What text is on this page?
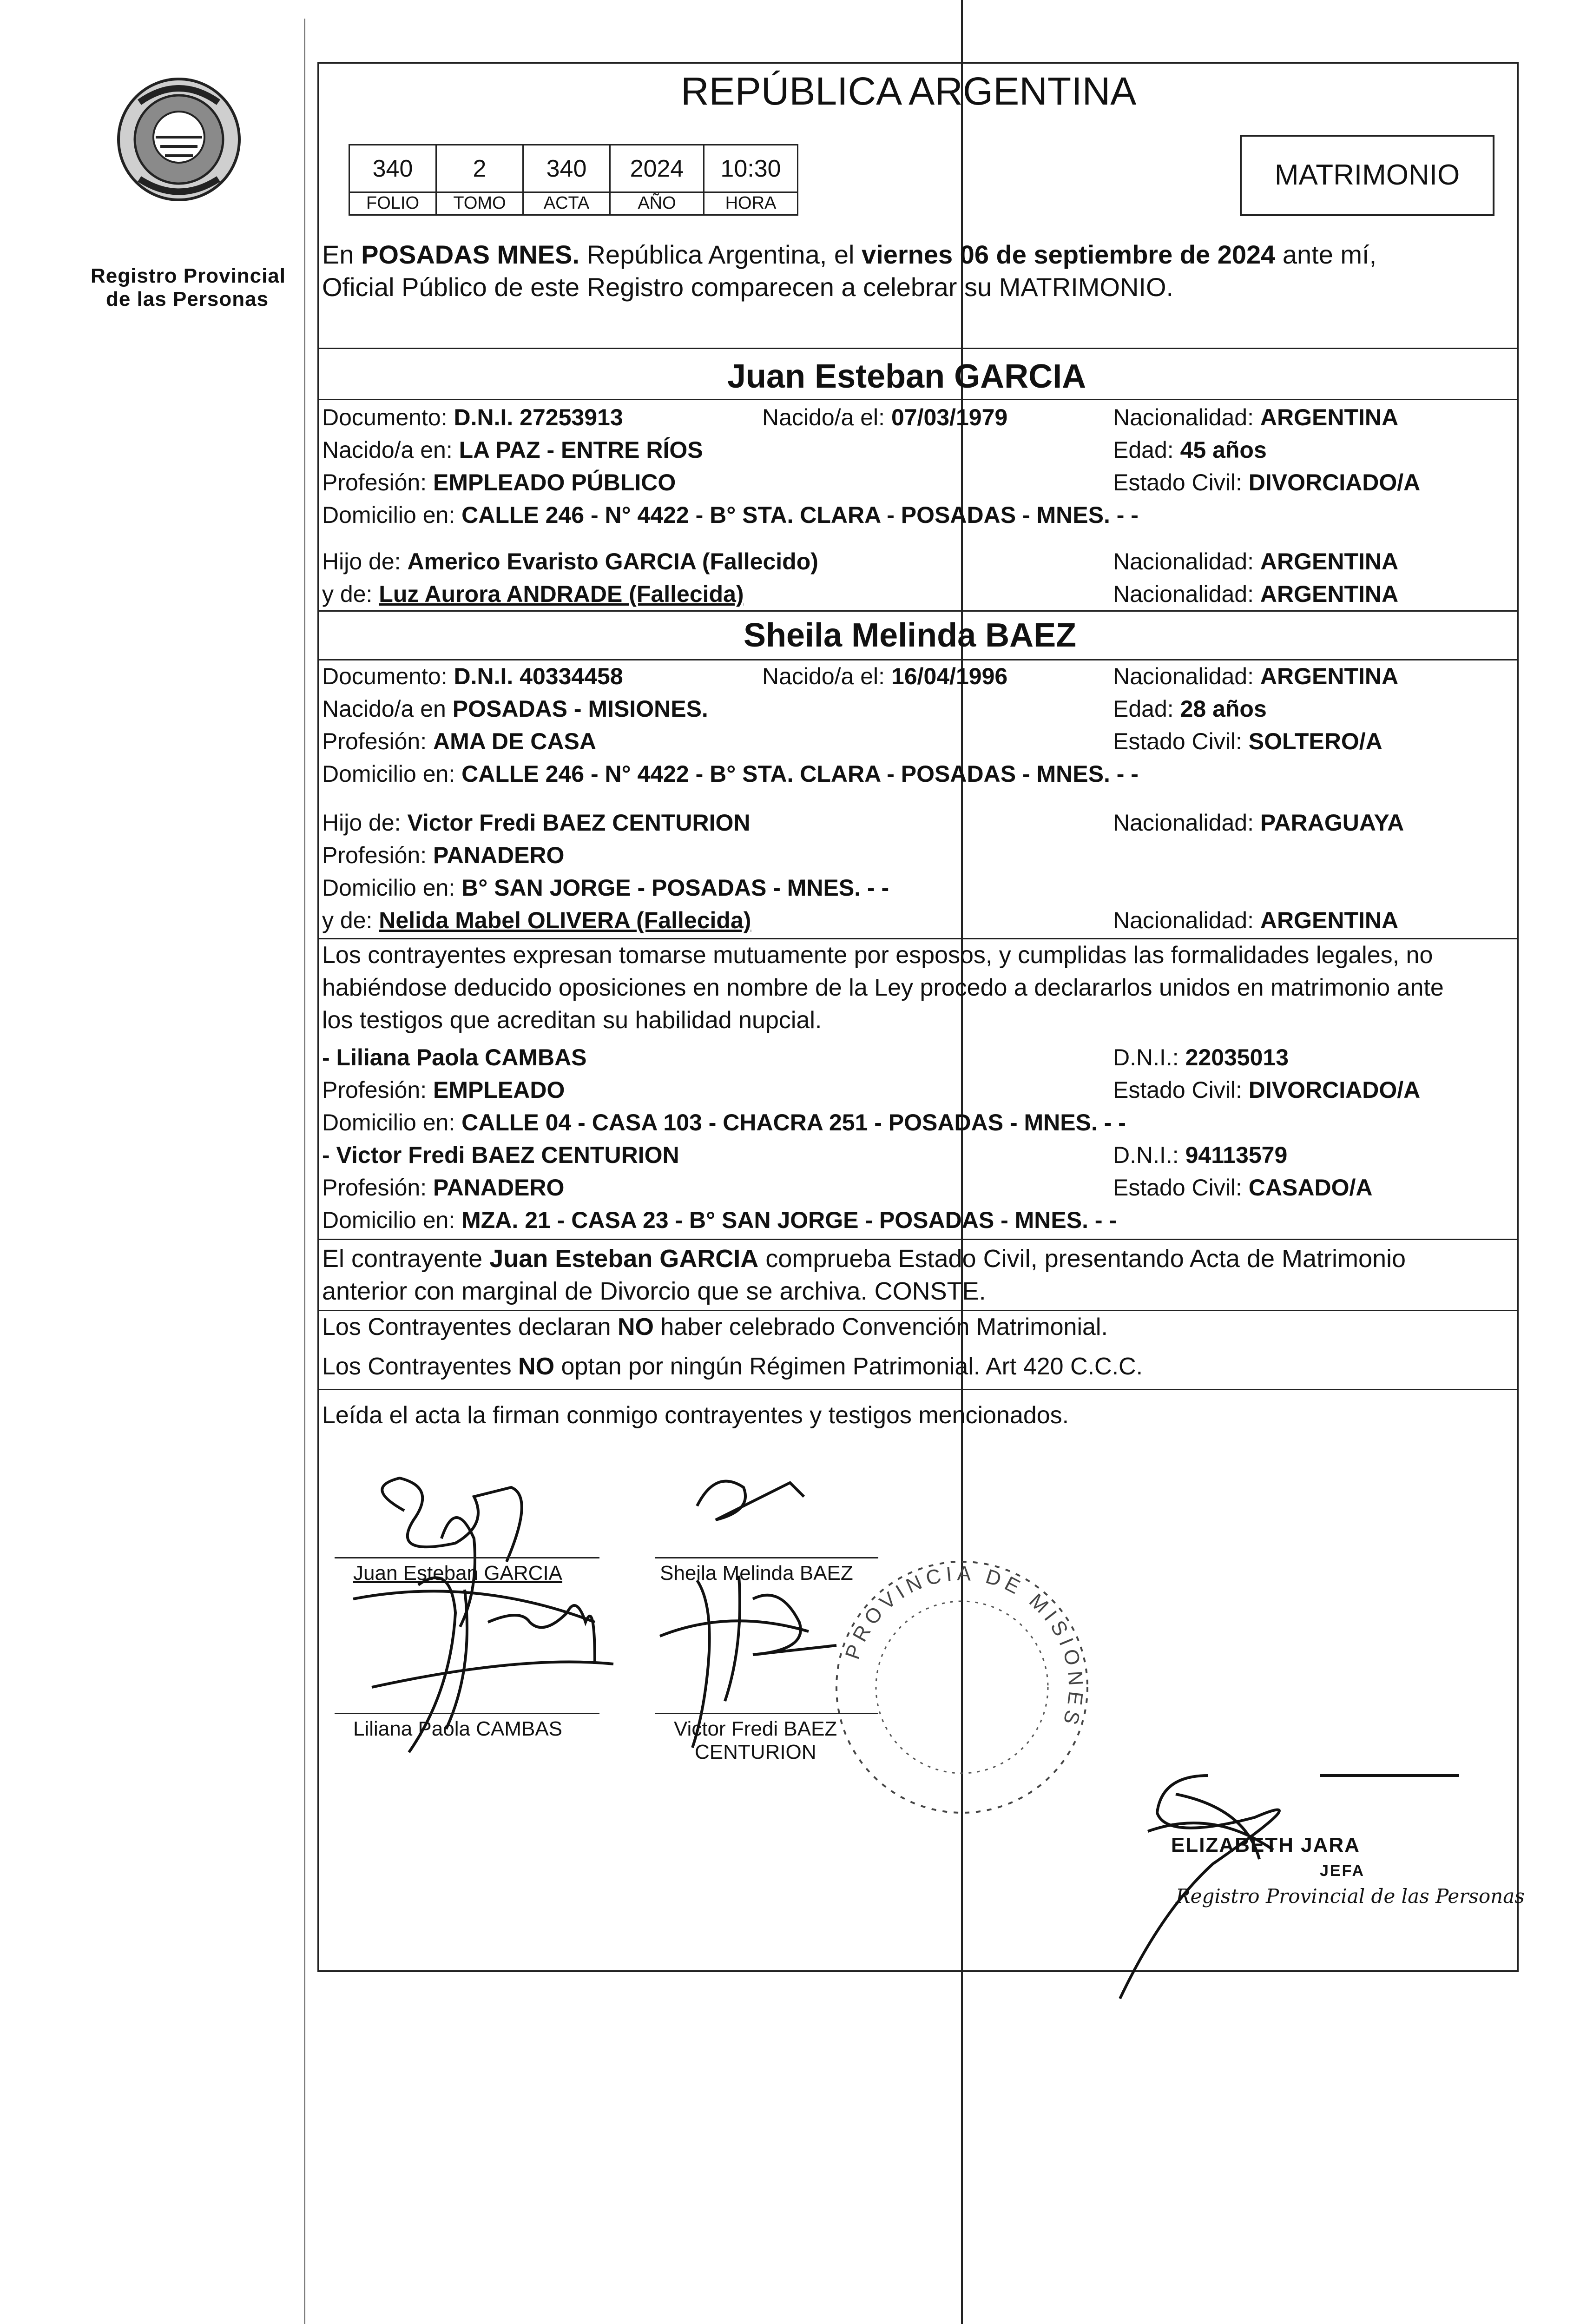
Registro Provincial
de las Personas
REPÚBLICA ARGENTINA
340	2	340	2024	10:30
FOLIO	TOMO	ACTA	AÑO	HORA
MATRIMONIO
En POSADAS MNES. República Argentina, el viernes 06 de septiembre de 2024 ante mí,
Oficial Público de este Registro comparecen a celebrar su MATRIMONIO.
Juan Esteban GARCIA
Documento: D.N.I. 27253913	Nacido/a el: 07/03/1979	Nacionalidad: ARGENTINA
Nacido/a en: LA PAZ - ENTRE RÍOS	Edad: 45 años
Profesión: EMPLEADO PÚBLICO	Estado Civil: DIVORCIADO/A
Domicilio en: CALLE 246 - N° 4422 - B° STA. CLARA - POSADAS - MNES. - -
Hijo de: Americo Evaristo GARCIA (Fallecido)	Nacionalidad: ARGENTINA
y de: Luz Aurora ANDRADE (Fallecida)	Nacionalidad: ARGENTINA
Sheila Melinda BAEZ
Documento: D.N.I. 40334458	Nacido/a el: 16/04/1996	Nacionalidad: ARGENTINA
Nacido/a en POSADAS - MISIONES.	Edad: 28 años
Profesión: AMA DE CASA	Estado Civil: SOLTERO/A
Domicilio en: CALLE 246 - N° 4422 - B° STA. CLARA - POSADAS - MNES. - -
Hijo de: Victor Fredi BAEZ CENTURION	Nacionalidad: PARAGUAYA
Profesión: PANADERO
Domicilio en: B° SAN JORGE - POSADAS - MNES. - -
y de: Nelida Mabel OLIVERA (Fallecida)	Nacionalidad: ARGENTINA
Los contrayentes expresan tomarse mutuamente por esposos, y cumplidas las formalidades legales, no
habiéndose deducido oposiciones en nombre de la Ley procedo a declararlos unidos en matrimonio ante
los testigos que acreditan su habilidad nupcial.
- Liliana Paola CAMBAS	D.N.I.: 22035013
Profesión: EMPLEADO	Estado Civil: DIVORCIADO/A
Domicilio en: CALLE 04 - CASA 103 - CHACRA 251 - POSADAS - MNES. - -
- Victor Fredi BAEZ CENTURION	D.N.I.: 94113579
Profesión: PANADERO	Estado Civil: CASADO/A
Domicilio en: MZA. 21 - CASA 23 - B° SAN JORGE - POSADAS - MNES. - -
El contrayente Juan Esteban GARCIA comprueba Estado Civil, presentando Acta de Matrimonio
anterior con marginal de Divorcio que se archiva. CONSTE.
Los Contrayentes declaran NO haber celebrado Convención Matrimonial.
Los Contrayentes NO optan por ningún Régimen Patrimonial. Art 420 C.C.C.
Leída el acta la firman conmigo contrayentes y testigos mencionados.
Juan Esteban GARCIA	Sheila Melinda BAEZ
Liliana Paola CAMBAS	Victor Fredi BAEZ
CENTURION
PROVINCIA DE MISIONES
ELIZABETH JARA
JEFA
Registro Provincial de las Personas
